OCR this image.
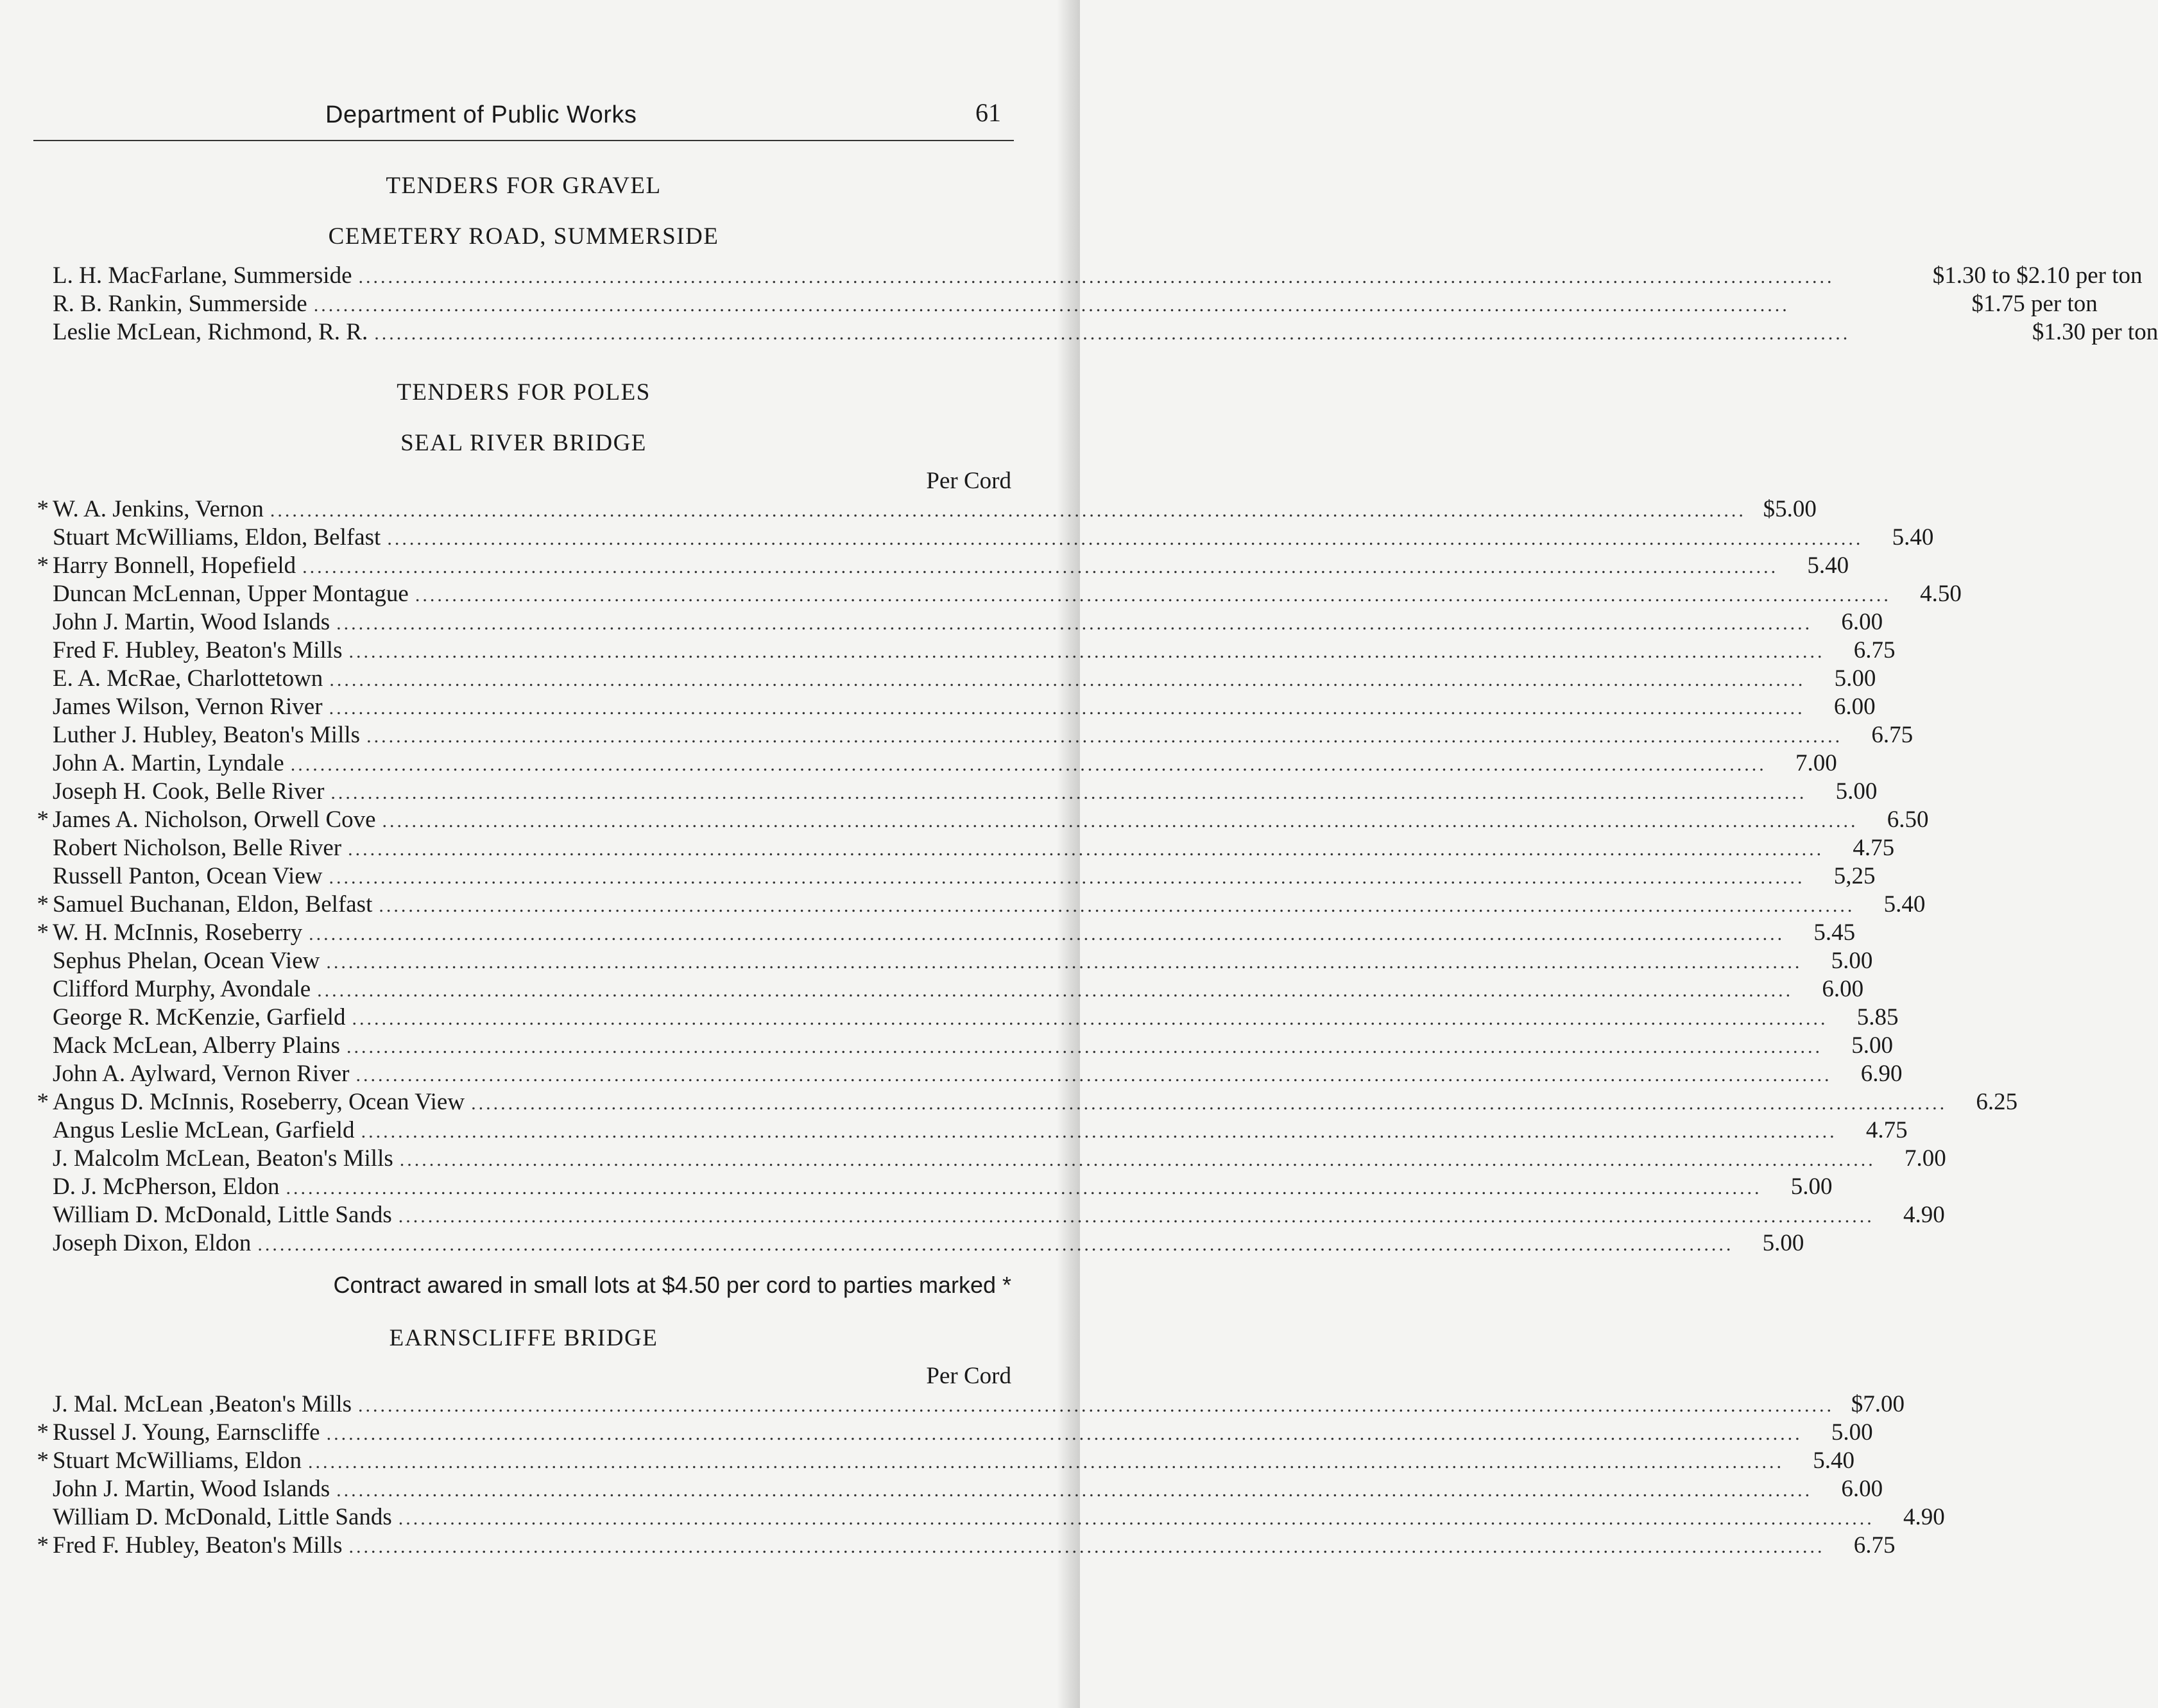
Department of Public Works	61
TENDERS FOR GRAVEL
CEMETERY ROAD, SUMMERSIDE
L. H. MacFarlane, Summerside ........................................................................................................................................................................................................	$1.30 to $2.10 per ton
R. B. Rankin, Summerside ........................................................................................................................................................................................................	$1.75 per ton
Leslie McLean, Richmond, R. R. ........................................................................................................................................................................................................	$1.30 per ton
TENDERS FOR POLES
SEAL RIVER BRIDGE
Per Cord
* W. A. Jenkins, Vernon ........................................................................................................................................................................................................ $5.00
Stuart McWilliams, Eldon, Belfast ........................................................................................................................................................................................................	5.40
* Harry Bonnell, Hopefield ........................................................................................................................................................................................................	5.40
Duncan McLennan, Upper Montague ........................................................................................................................................................................................................	4.50
John J. Martin, Wood Islands ........................................................................................................................................................................................................	6.00
Fred F. Hubley, Beaton's Mills ........................................................................................................................................................................................................	6.75
E. A. McRae, Charlottetown ........................................................................................................................................................................................................	5.00
James Wilson, Vernon River ........................................................................................................................................................................................................	6.00
Luther J. Hubley, Beaton's Mills ........................................................................................................................................................................................................	6.75
John A. Martin, Lyndale ........................................................................................................................................................................................................	7.00
Joseph H. Cook, Belle River ........................................................................................................................................................................................................	5.00
* James A. Nicholson, Orwell Cove ........................................................................................................................................................................................................	6.50
Robert Nicholson, Belle River ........................................................................................................................................................................................................	4.75
Russell Panton, Ocean View ........................................................................................................................................................................................................	5,25
* Samuel Buchanan, Eldon, Belfast ........................................................................................................................................................................................................	5.40
* W. H. McInnis, Roseberry ........................................................................................................................................................................................................	5.45
Sephus Phelan, Ocean View ........................................................................................................................................................................................................	5.00
Clifford Murphy, Avondale ........................................................................................................................................................................................................	6.00
George R. McKenzie, Garfield ........................................................................................................................................................................................................	5.85
Mack McLean, Alberry Plains ........................................................................................................................................................................................................	5.00
John A. Aylward, Vernon River ........................................................................................................................................................................................................	6.90
* Angus D. McInnis, Roseberry, Ocean View ........................................................................................................................................................................................................	6.25
Angus Leslie McLean, Garfield ........................................................................................................................................................................................................	4.75
J. Malcolm McLean, Beaton's Mills ........................................................................................................................................................................................................	7.00
D. J. McPherson, Eldon ........................................................................................................................................................................................................	5.00
William D. McDonald, Little Sands ........................................................................................................................................................................................................	4.90
Joseph Dixon, Eldon ........................................................................................................................................................................................................	5.00
Contract awared in small lots at $4.50 per cord to parties marked *
EARNSCLIFFE BRIDGE
Per Cord
J. Mal. McLean ,Beaton's Mills ........................................................................................................................................................................................................ $7.00
* Russel J. Young, Earnscliffe ........................................................................................................................................................................................................	5.00
* Stuart McWilliams, Eldon ........................................................................................................................................................................................................	5.40
John J. Martin, Wood Islands ........................................................................................................................................................................................................	6.00
William D. McDonald, Little Sands ........................................................................................................................................................................................................	4.90
* Fred F. Hubley, Beaton's Mills ........................................................................................................................................................................................................	6.75
